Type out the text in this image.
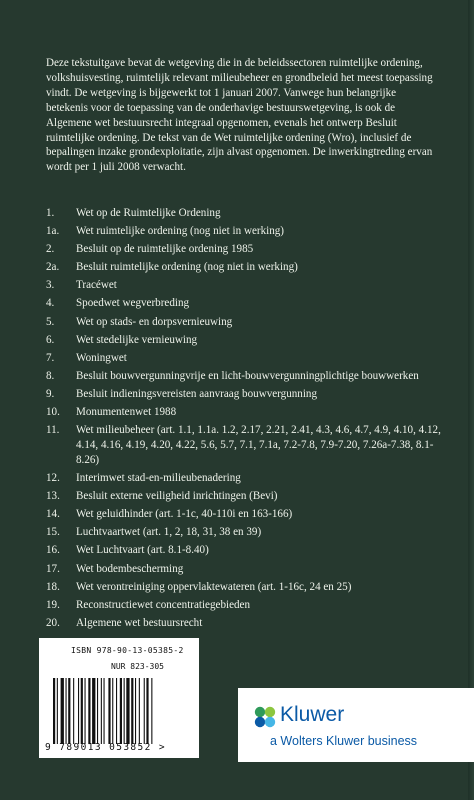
Deze tekstuitgave bevat de wetgeving die in de beleidssectoren ruimtelijke ordening, volkshuisvesting, ruimtelijk relevant milieubeheer en grondbeleid het meest toepassing vindt. De wetgeving is bijgewerkt tot 1 januari 2007. Vanwege hun belangrijke betekenis voor de toepassing van de onderhavige bestuurswetgeving, is ook de Algemene wet bestuursrecht integraal opgenomen, evenals het ontwerp Besluit ruimtelijke ordening. De tekst van de Wet ruimtelijke ordening (Wro), inclusief de bepalingen inzake grondexploitatie, zijn alvast opgenomen. De inwerkingtreding ervan wordt per 1 juli 2008 verwacht.

1.	Wet op de Ruimtelijke Ordening
1a.	Wet ruimtelijke ordening (nog niet in werking)
2.	Besluit op de ruimtelijke ordening 1985
2a.	Besluit ruimtelijke ordening (nog niet in werking)
3.	Tracéwet
4.	Spoedwet wegverbreding
5.	Wet op stads- en dorpsvernieuwing
6.	Wet stedelijke vernieuwing
7.	Woningwet
8.	Besluit bouwvergunningvrije en licht-bouwvergunningplichtige bouwwerken
9.	Besluit indieningsvereisten aanvraag bouwvergunning
10.	Monumentenwet 1988
11.	Wet milieubeheer (art. 1.1, 1.1a. 1.2, 2.17, 2.21, 2.41, 4.3, 4.6, 4.7, 4.9, 4.10, 4.12, 4.14, 4.16, 4.19, 4.20, 4.22, 5.6, 5.7, 7.1, 7.1a, 7.2-7.8, 7.9-7.20, 7.26a-7.38, 8.1-8.26)
12.	Interimwet stad-en-milieubenadering
13.	Besluit externe veiligheid inrichtingen (Bevi)
14.	Wet geluidhinder (art. 1-1c, 40-110i en 163-166)
15.	Luchtvaartwet (art. 1, 2, 18, 31, 38 en 39)
16.	Wet Luchtvaart (art. 8.1-8.40)
17.	Wet bodembescherming
18.	Wet verontreiniging oppervlaktewateren (art. 1-16c, 24 en 25)
19.	Reconstructiewet concentratiegebieden
20.	Algemene wet bestuursrecht
ISBN 978-90-13-05385-2
NUR 823-305
9 789013 053852 >
Kluwer
a Wolters Kluwer business
